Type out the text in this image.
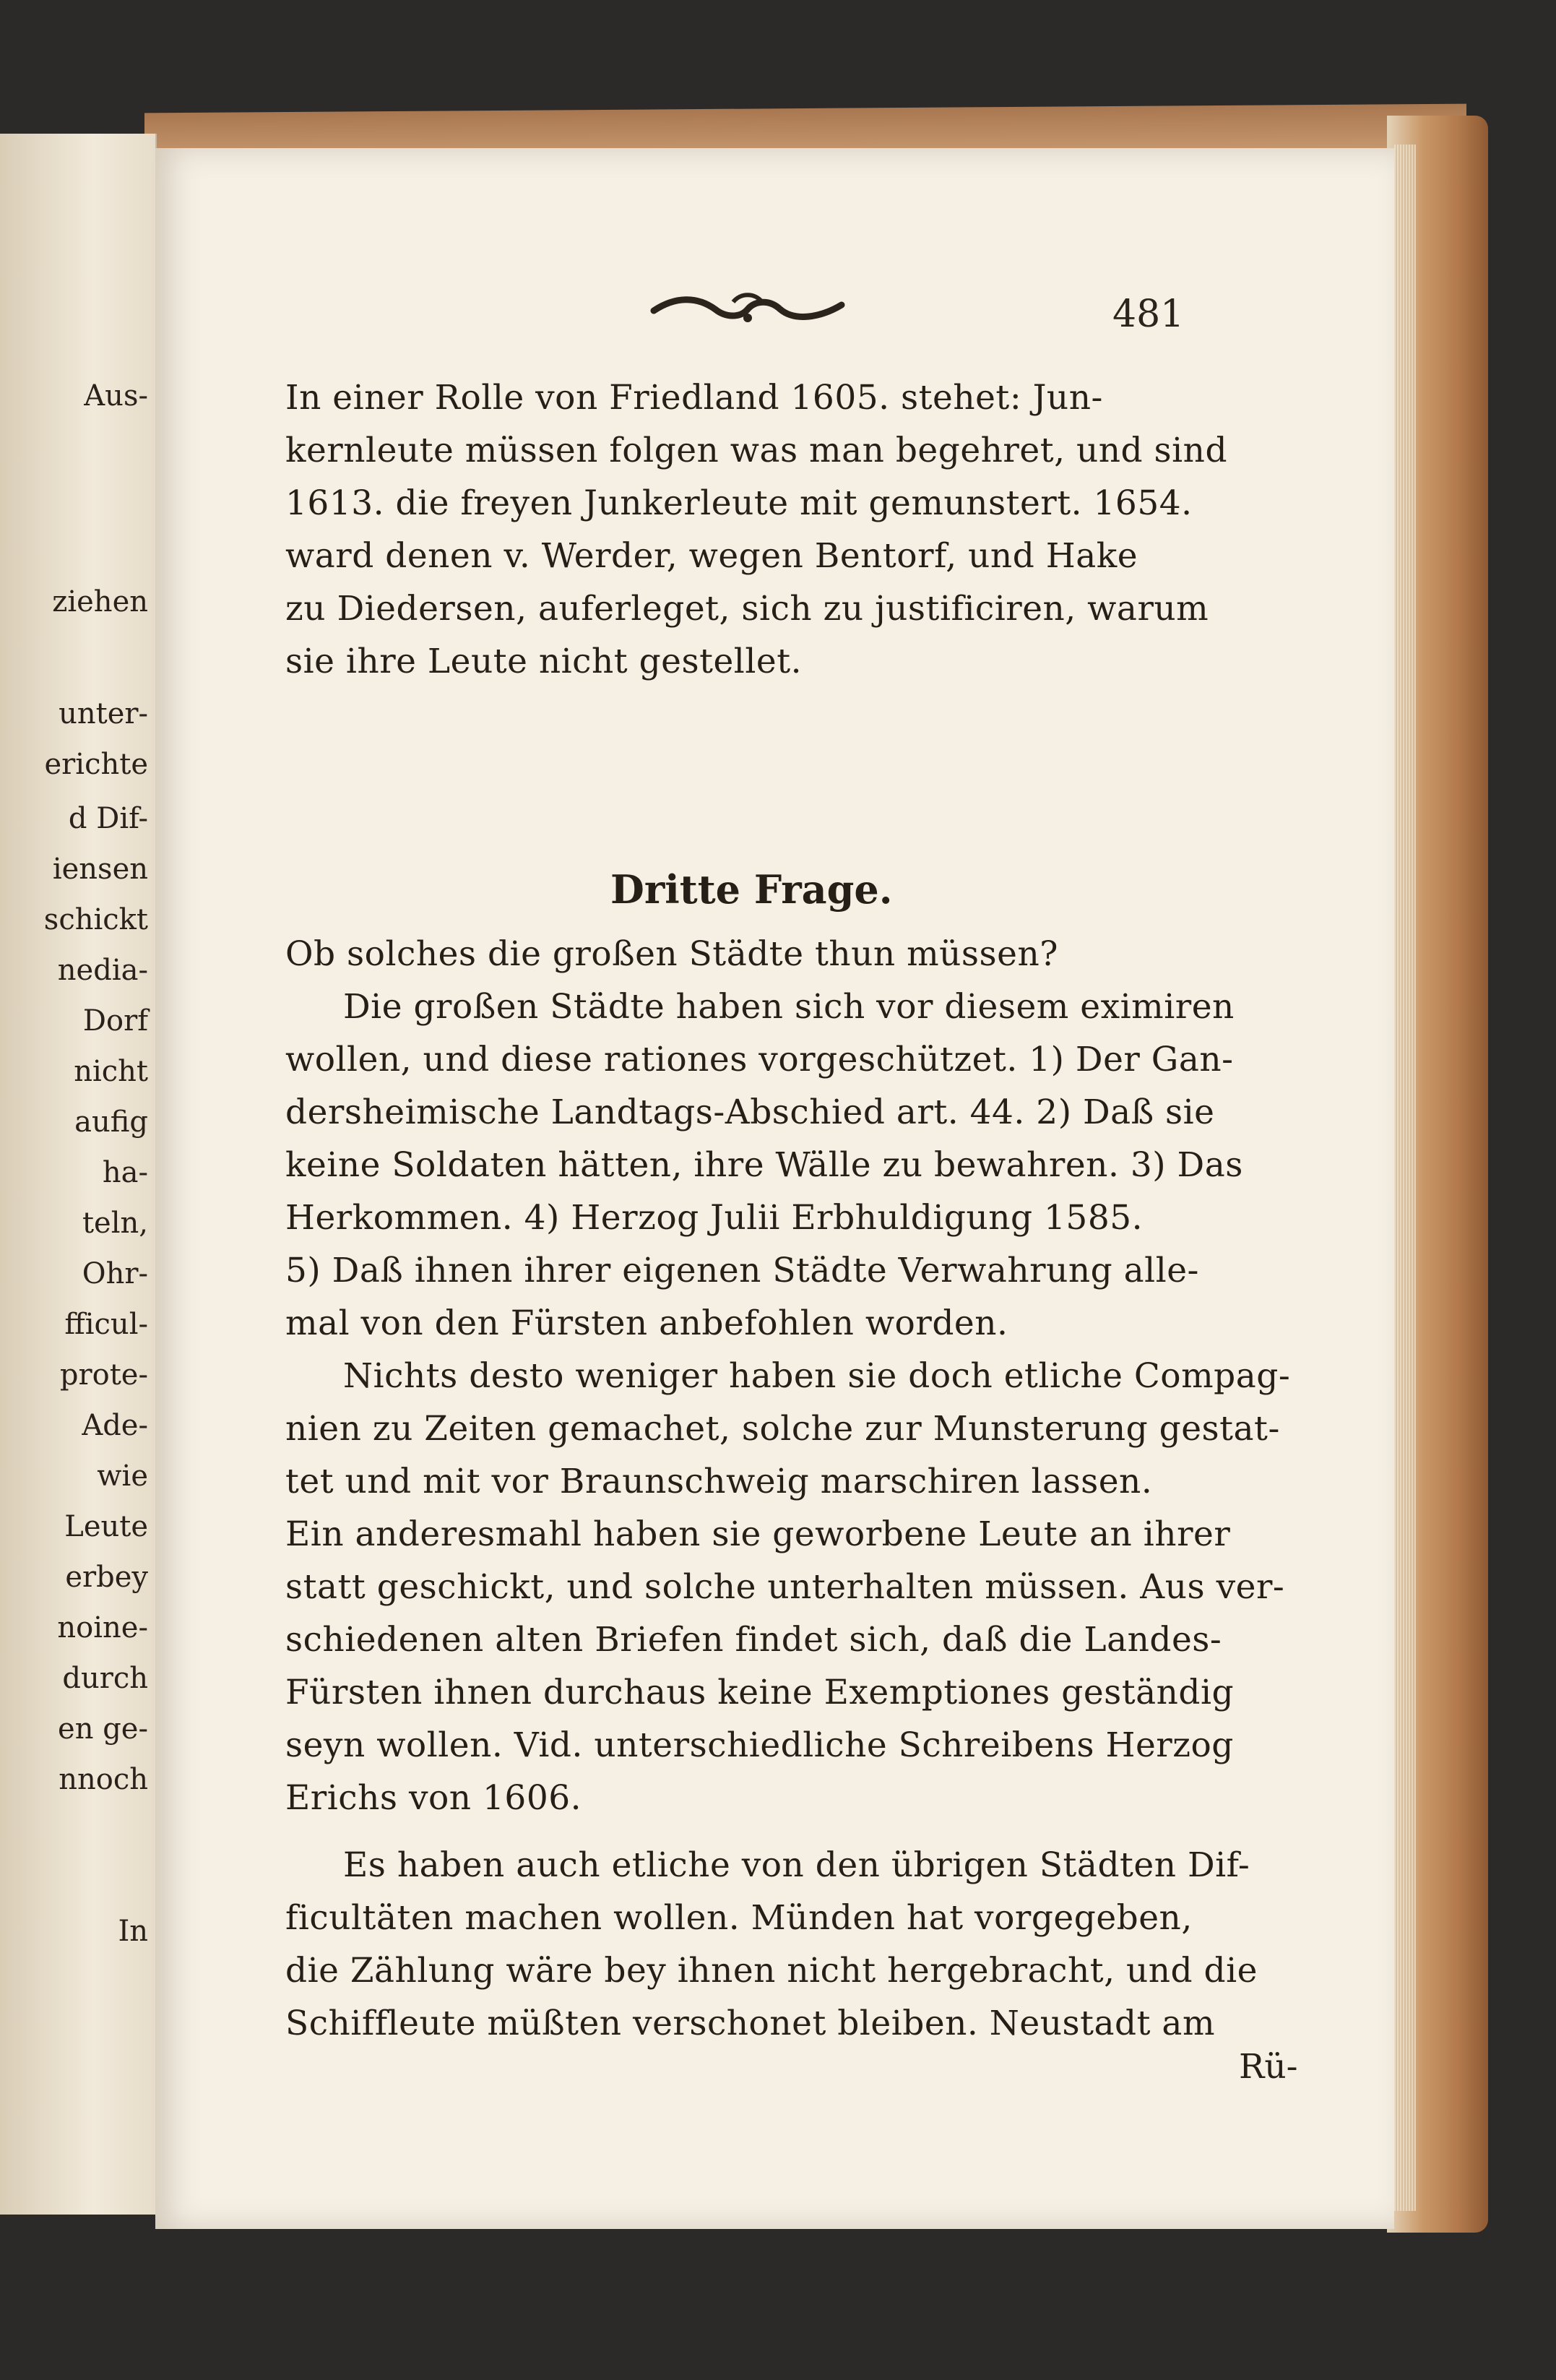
Aus-
ziehen
unter-
erichte
d Dif-
iensen
schickt
nedia-
Dorf
nicht
aufig
ha-
teln,
Ohr-
fficul-
prote-
Ade-
wie
Leute
erbey
noine-
durch
en ge-
nnoch
In
481
Dritte Frage.
Rü-
In einer Rolle von Friedland 1605. stehet: Jun-
kernleute müssen folgen was man begehret, und sind
1613. die freyen Junkerleute mit gemunstert. 1654.
ward denen v. Werder, wegen Bentorf, und Hake
zu Diedersen, auferleget, sich zu justificiren, warum
sie ihre Leute nicht gestellet.
Ob solches die großen Städte thun müssen?
Die großen Städte haben sich vor diesem eximiren
wollen, und diese rationes vorgeschützet. 1) Der Gan-
dersheimische Landtags-Abschied art. 44. 2) Daß sie
keine Soldaten hätten, ihre Wälle zu bewahren. 3) Das
Herkommen. 4) Herzog Julii Erbhuldigung 1585.
5) Daß ihnen ihrer eigenen Städte Verwahrung alle-
mal von den Fürsten anbefohlen worden.
Nichts desto weniger haben sie doch etliche Compag-
nien zu Zeiten gemachet, solche zur Munsterung gestat-
tet und mit vor Braunschweig marschiren lassen.
Ein anderesmahl haben sie geworbene Leute an ihrer
statt geschickt, und solche unterhalten müssen. Aus ver-
schiedenen alten Briefen findet sich, daß die Landes-
Fürsten ihnen durchaus keine Exemptiones geständig
seyn wollen. Vid. unterschiedliche Schreibens Herzog
Erichs von 1606.
Es haben auch etliche von den übrigen Städten Dif-
ficultäten machen wollen. Münden hat vorgegeben,
die Zählung wäre bey ihnen nicht hergebracht, und die
Schiffleute müßten verschonet bleiben. Neustadt am
